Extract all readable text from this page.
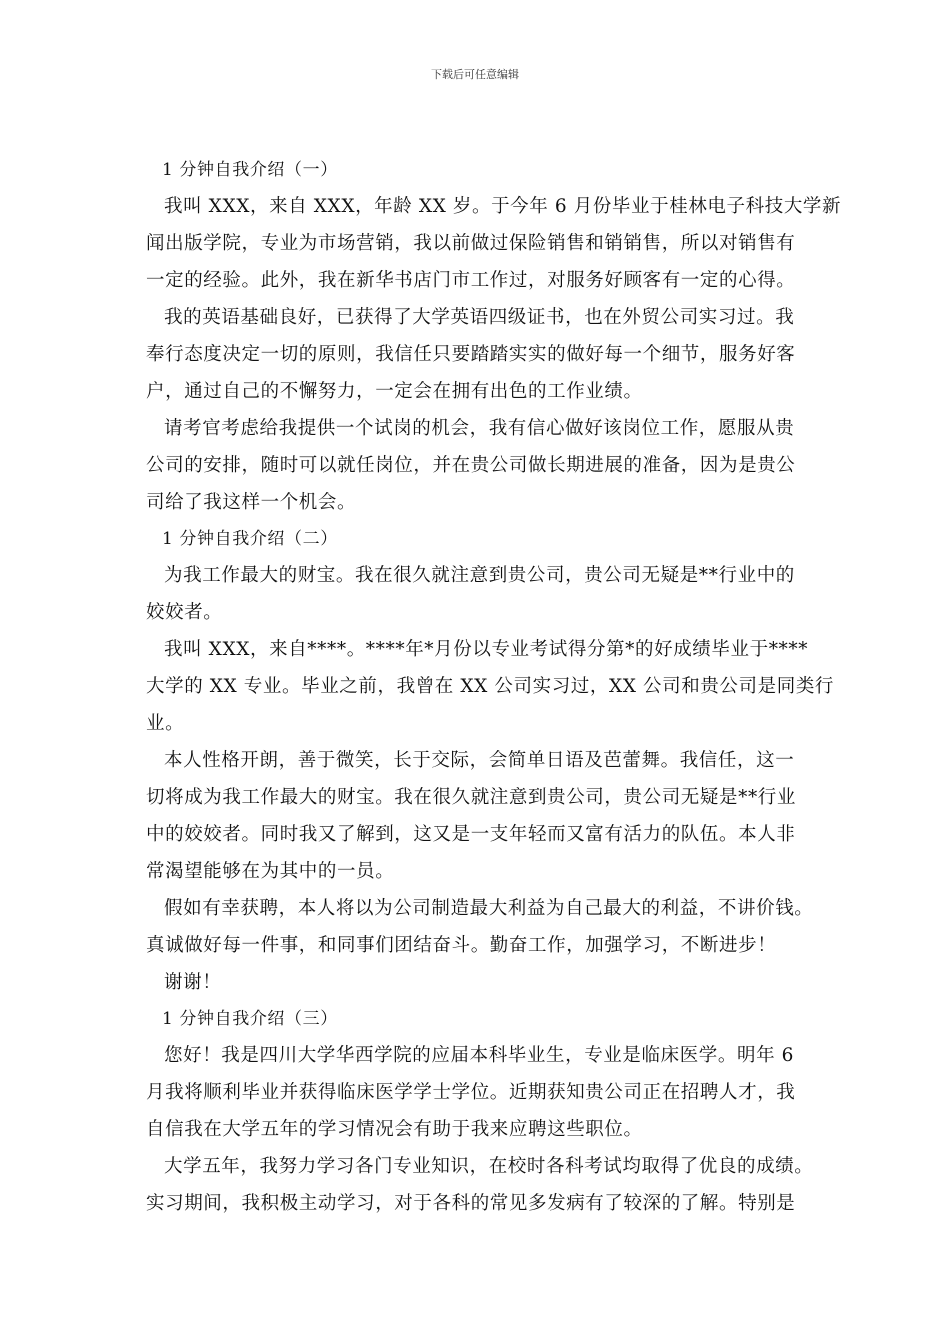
下载后可任意编辑
1 分钟自我介绍（一）
我叫 XXX，来自 XXX，年龄 XX 岁。于今年 6 月份毕业于桂林电子科技大学新
闻出版学院，专业为市场营销，我以前做过保险销售和销销售，所以对销售有
一定的经验。此外，我在新华书店门市工作过，对服务好顾客有一定的心得。
我的英语基础良好，已获得了大学英语四级证书，也在外贸公司实习过。我
奉行态度决定一切的原则，我信任只要踏踏实实的做好每一个细节，服务好客
户，通过自己的不懈努力，一定会在拥有出色的工作业绩。
请考官考虑给我提供一个试岗的机会，我有信心做好该岗位工作，愿服从贵
公司的安排，随时可以就任岗位，并在贵公司做长期进展的准备，因为是贵公
司给了我这样一个机会。
1 分钟自我介绍（二）
为我工作最大的财宝。我在很久就注意到贵公司，贵公司无疑是**行业中的
姣姣者。
我叫 XXX，来自****。****年*月份以专业考试得分第*的好成绩毕业于****
大学的 XX 专业。毕业之前，我曾在 XX 公司实习过，XX 公司和贵公司是同类行
业。
本人性格开朗，善于微笑，长于交际，会简单日语及芭蕾舞。我信任，这一
切将成为我工作最大的财宝。我在很久就注意到贵公司，贵公司无疑是**行业
中的姣姣者。同时我又了解到，这又是一支年轻而又富有活力的队伍。本人非
常渴望能够在为其中的一员。
假如有幸获聘，本人将以为公司制造最大利益为自己最大的利益，不讲价钱。
真诚做好每一件事，和同事们团结奋斗。勤奋工作，加强学习，不断进步！
谢谢！
1 分钟自我介绍（三）
您好！我是四川大学华西学院的应届本科毕业生，专业是临床医学。明年 6
月我将顺利毕业并获得临床医学学士学位。近期获知贵公司正在招聘人才，我
自信我在大学五年的学习情况会有助于我来应聘这些职位。
大学五年，我努力学习各门专业知识，在校时各科考试均取得了优良的成绩。
实习期间，我积极主动学习，对于各科的常见多发病有了较深的了解。特别是
